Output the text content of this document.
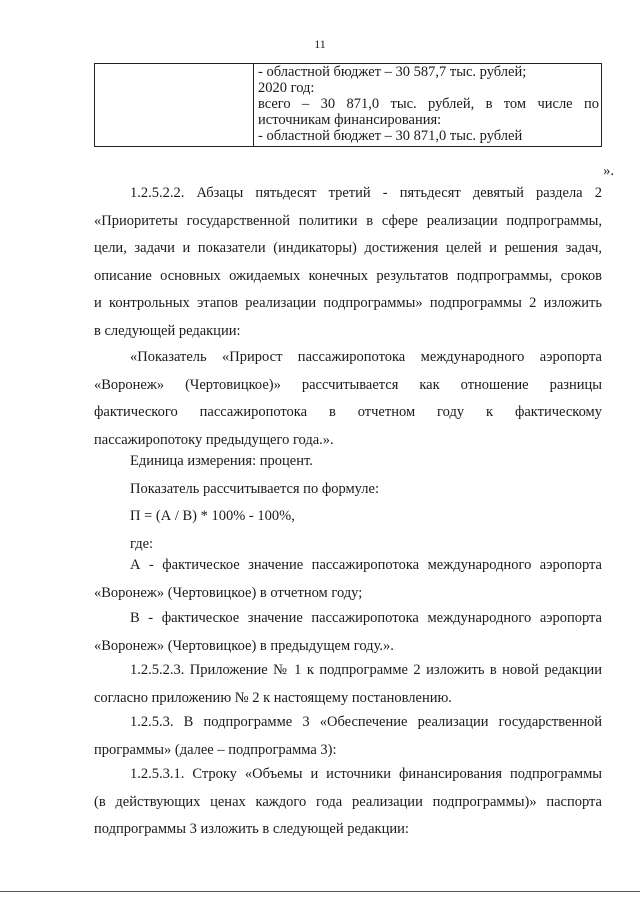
11

- областной бюджет – 30 587,7 тыс. рублей;
2020 год:
всего – 30 871,0 тыс. рублей, в том числе по
источникам финансирования:
- областной бюджет – 30 871,0 тыс. рублей
».
1.2.5.2.2. Абзацы пятьдесят третий - пятьдесят девятый раздела 2
«Приоритеты государственной политики в сфере реализации подпрограммы,
цели, задачи и показатели (индикаторы) достижения целей и решения задач,
описание основных ожидаемых конечных результатов подпрограммы, сроков
и контрольных этапов реализации подпрограммы» подпрограммы 2 изложить
в следующей редакции:
«Показатель «Прирост пассажиропотока международного аэропорта
«Воронеж» (Чертовицкое)» рассчитывается как отношение разницы
фактического пассажиропотока в отчетном году к фактическому
пассажиропотоку предыдущего года.».
Единица измерения: процент.
Показатель рассчитывается по формуле:
П = (А / В) * 100% - 100%,
где:
А - фактическое значение пассажиропотока международного аэропорта
«Воронеж» (Чертовицкое) в отчетном году;
В - фактическое значение пассажиропотока международного аэропорта
«Воронеж» (Чертовицкое) в предыдущем году.».
1.2.5.2.3. Приложение № 1 к подпрограмме 2 изложить в новой редакции
согласно приложению № 2 к настоящему постановлению.
1.2.5.3. В подпрограмме 3 «Обеспечение реализации государственной
программы» (далее – подпрограмма 3):
1.2.5.3.1. Строку «Объемы и источники финансирования подпрограммы
(в действующих ценах каждого года реализации подпрограммы)» паспорта
подпрограммы 3 изложить в следующей редакции:
